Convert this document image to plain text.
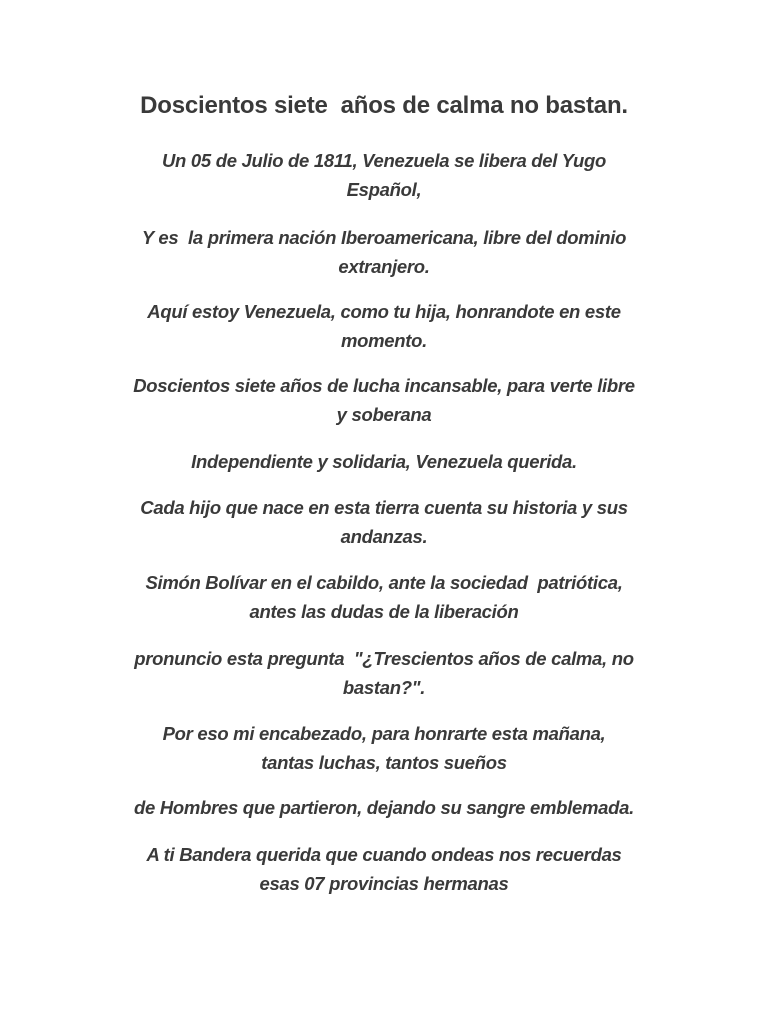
Doscientos siete  años de calma no bastan.
Un 05 de Julio de 1811, Venezuela se libera del Yugo
Español,
Y es  la primera nación Iberoamericana, libre del dominio
extranjero.
Aquí estoy Venezuela, como tu hija, honrandote en este
momento.
Doscientos siete años de lucha incansable, para verte libre
y soberana
Independiente y solidaria, Venezuela querida.
Cada hijo que nace en esta tierra cuenta su historia y sus
andanzas.
Simón Bolívar en el cabildo, ante la sociedad  patriótica,
antes las dudas de la liberación
pronuncio esta pregunta  "¿Trescientos años de calma, no
bastan?".
Por eso mi encabezado, para honrarte esta mañana,
tantas luchas, tantos sueños
de Hombres que partieron, dejando su sangre emblemada.
A ti Bandera querida que cuando ondeas nos recuerdas
esas 07 provincias hermanas
